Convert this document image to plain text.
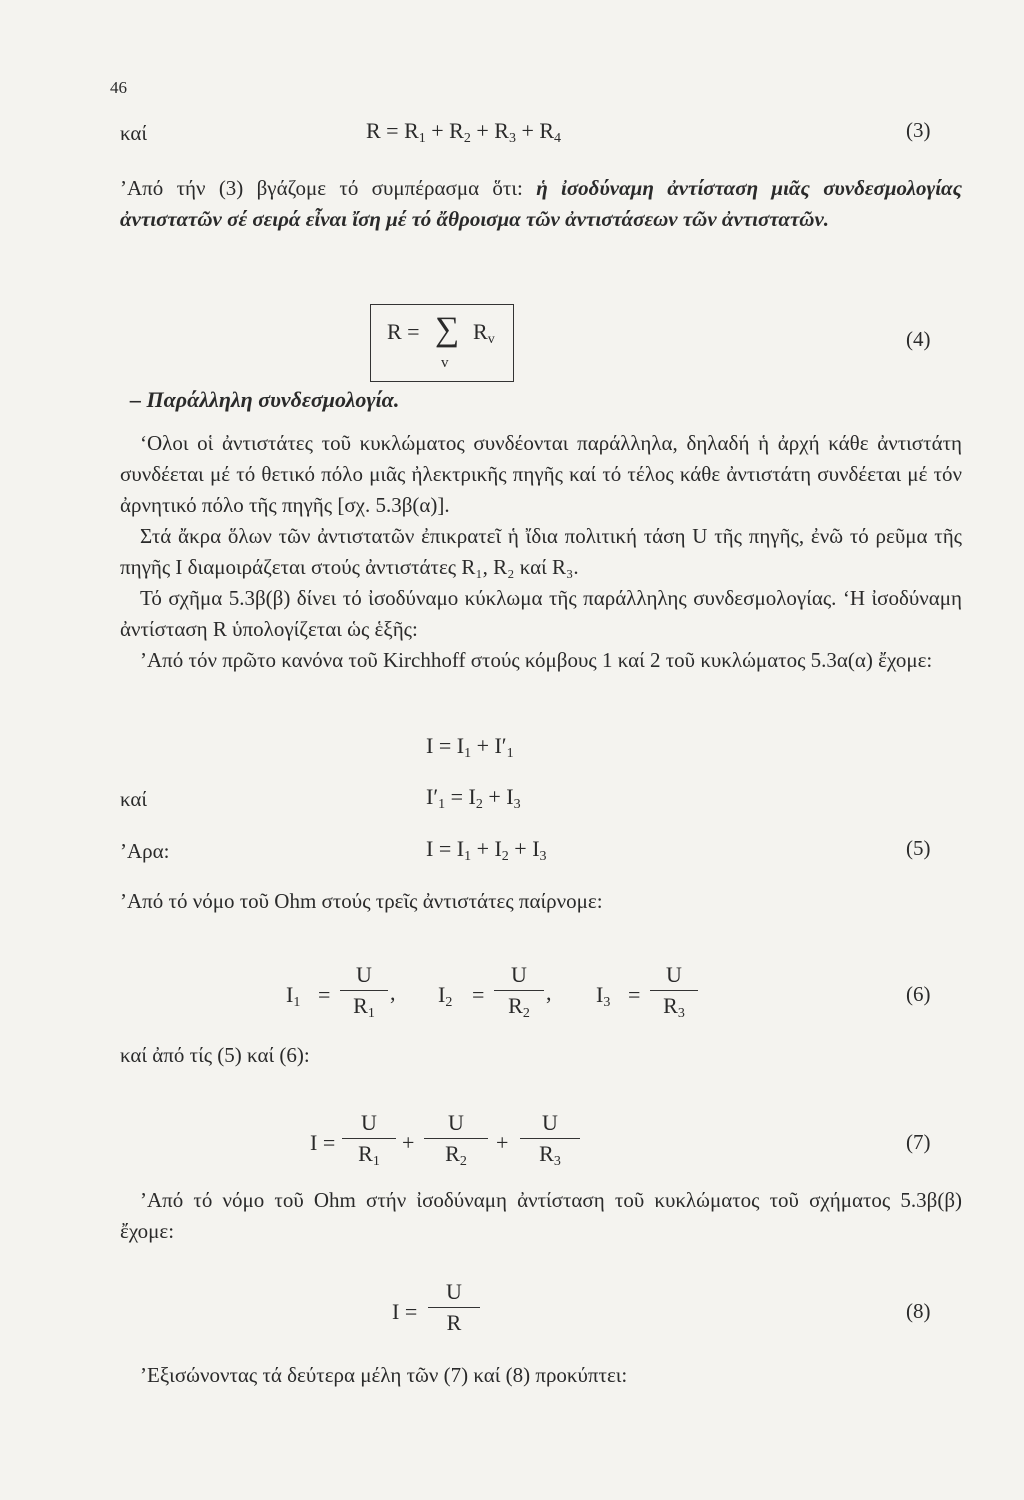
46
καί	$R = R_1 + R_2 + R_3 + R_4$	(3)
’Από τήν (3) βγάζομε τό συμπέρασμα ὅτι: ἡ ἰσοδύναμη ἀντίσταση μιᾶς συνδεσμολογίας ἀντιστατῶν σέ σειρά εἶναι ἴση μέ τό ἄθροισμα τῶν ἀντιστάσεων τῶν ἀντιστατῶν.
R = ∑ $R_v$
v
(4)
– Παράλληλη συνδεσμολογία.
‘Ολοι οἱ ἀντιστάτες τοῦ κυκλώματος συνδέονται παράλληλα, δηλαδή ἡ ἀρχή κάθε ἀντιστάτη συνδέεται μέ τό θετικό πόλο μιᾶς ἠλεκτρικῆς πηγῆς καί τό τέλος κάθε ἀντιστάτη συνδέεται μέ τόν ἀρνητικό πόλο τῆς πηγῆς [σχ. 5.3β(α)].
Στά ἄκρα ὅλων τῶν ἀντιστατῶν ἐπικρατεῖ ἡ ἴδια πολιτική τάση U τῆς πηγῆς, ἐνῶ τό ρεῦμα τῆς πηγῆς I διαμοιράζεται στούς ἀντιστάτες R₁, R₂ καί R₃.
Τό σχῆμα 5.3β(β) δίνει τό ἰσοδύναμο κύκλωμα τῆς παράλληλης συνδεσμολογίας. ‘Η ἰσοδύναμη ἀντίσταση R ὑπολογίζεται ὡς ἑξῆς:
’Από τόν πρῶτο κανόνα τοῦ Kirchhoff στούς κόμβους 1 καί 2 τοῦ κυκλώματος 5.3α(α) ἔχομε:
$I = I_1 + I'_1$
καί	$I'_1 = I_2 + I_3$
’Αρα:	$I = I_1 + I_2 + I_3$	(5)
’Από τό νόμο τοῦ Ohm στούς τρεῖς ἀντιστάτες παίρνομε:
$I_1$ =
U
$R_1$
, $I_2$ =
U
$R_2$
, $I_3$ =
U
$R_3$
(6)
καί ἀπό τίς (5) καί (6):
I =
U
$R_1$
+
U
$R_2$
+
U
$R_3$
(7)
’Από τό νόμο τοῦ Ohm στήν ἰσοδύναμη ἀντίσταση τοῦ κυκλώματος τοῦ σχήματος 5.3β(β) ἔχομε:
I =
U
R	(8)
’Εξισώνοντας τά δεύτερα μέλη τῶν (7) καί (8) προκύπτει:
